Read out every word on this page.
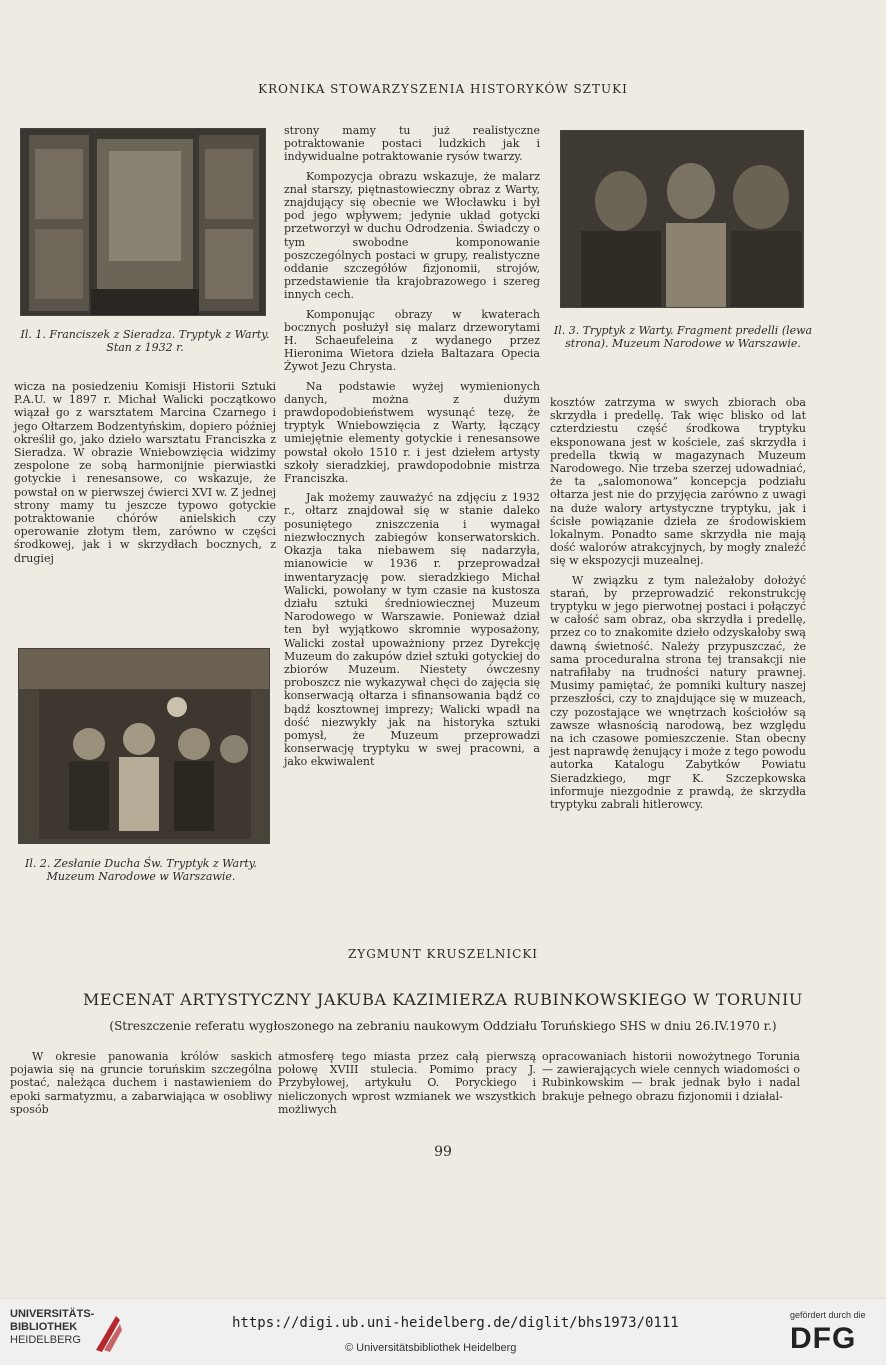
KRONIKA STOWARZYSZENIA HISTORYKÓW SZTUKI
Il. 1. Franciszek z Sieradza. Tryptyk z Warty. Stan z 1932 r.
Il. 2. Zesłanie Ducha Św. Tryptyk z Warty. Muzeum Narodowe w Warszawie.
Il. 3. Tryptyk z Warty. Fragment predelli (lewa strona). Muzeum Narodowe w Warszawie.

wicza na posiedzeniu Komisji Historii Sztuki P.A.U. w 1897 r. Michał Walicki początkowo wiązał go z warsztatem Marcina Czarnego i jego Ołtarzem Bodzentyńskim, dopiero później określił go, jako dzieło warsztatu Franciszka z Sieradza. W obrazie Wniebowzięcia widzimy zespolone ze sobą harmonijnie pierwiastki gotyckie i renesansowe, co wskazuje, że powstał on w pierwszej ćwierci XVI w. Z jednej strony mamy tu jeszcze typowo gotyckie potraktowanie chórów anielskich czy operowanie złotym tłem, zarówno w części środkowej, jak i w skrzydłach bocznych, z drugiej

strony mamy tu już realistyczne potraktowanie postaci ludzkich jak i indywidualne potraktowanie rysów twarzy.

Kompozycja obrazu wskazuje, że malarz znał starszy, piętnastowieczny obraz z Warty, znajdujący się obecnie we Włocławku i był pod jego wpływem; jedynie układ gotycki przetworzył w duchu Odrodzenia. Świadczy o tym swobodne komponowanie poszczególnych postaci w grupy, realistyczne oddanie szczegółów fizjonomii, strojów, przedstawienie tła krajobrazowego i szereg innych cech.

Komponując obrazy w kwaterach bocznych posłużył się malarz drzeworytami H. Schaeufeleina z wydanego przez Hieronima Wietora dzieła Baltazara Opecia Żywot Jezu Chrysta.

Na podstawie wyżej wymienionych danych, można z dużym prawdopodobieństwem wysunąć tezę, że tryptyk Wniebowzięcia z Warty, łączący umiejętnie elementy gotyckie i renesansowe powstał około 1510 r. i jest dziełem artysty szkoły sieradzkiej, prawdopodobnie mistrza Franciszka.

Jak możemy zauważyć na zdjęciu z 1932 r., ołtarz znajdował się w stanie daleko posuniętego zniszczenia i wymagał niezwłocznych zabiegów konserwatorskich. Okazja taka niebawem się nadarzyła, mianowicie w 1936 r. przeprowadzał inwentaryzację pow. sieradzkiego Michał Walicki, powołany w tym czasie na kustosza działu sztuki średniowiecznej Muzeum Narodowego w Warszawie. Ponieważ dział ten był wyjątkowo skromnie wyposażony, Walicki został upoważniony przez Dyrekcję Muzeum do zakupów dzieł sztuki gotyckiej do zbiorów Muzeum. Niestety ówczesny proboszcz nie wykazywał chęci do zajęcia się konserwacją ołtarza i sfinansowania bądź co bądź kosztownej imprezy; Walicki wpadł na dość niezwykły jak na historyka sztuki pomysł, że Muzeum przeprowadzi konserwację tryptyku w swej pracowni, a jako ekwiwalent

kosztów zatrzyma w swych zbiorach oba skrzydła i predellę. Tak więc blisko od lat czterdziestu część środkowa tryptyku eksponowana jest w kościele, zaś skrzydła i predella tkwią w magazynach Muzeum Narodowego. Nie trzeba szerzej udowadniać, że ta „salomonowa” koncepcja podziału ołtarza jest nie do przyjęcia zarówno z uwagi na duże walory artystyczne tryptyku, jak i ścisłe powiązanie dzieła ze środowiskiem lokalnym. Ponadto same skrzydła nie mają dość walorów atrakcyjnych, by mogły znaleźć się w ekspozycji muzealnej.

W związku z tym należałoby dołożyć starań, by przeprowadzić rekonstrukcję tryptyku w jego pierwotnej postaci i połączyć w całość sam obraz, oba skrzydła i predellę, przez co to znakomite dzieło odzyskałoby swą dawną świetność. Należy przypuszczać, że sama proceduralna strona tej transakcji nie natrafiłaby na trudności natury prawnej. Musimy pamiętać, że pomniki kultury naszej przeszłości, czy to znajdujące się w muzeach, czy pozostające we wnętrzach kościołów są zawsze własnością narodową, bez względu na ich czasowe pomieszczenie. Stan obecny jest naprawdę żenujący i może z tego powodu autorka Katalogu Zabytków Powiatu Sieradzkiego, mgr K. Szczepkowska informuje niezgodnie z prawdą, że skrzydła tryptyku zabrali hitlerowcy.

ZYGMUNT KRUSZELNICKI
MECENAT ARTYSTYCZNY JAKUBA KAZIMIERZA RUBINKOWSKIEGO W TORUNIU
(Streszczenie referatu wygłoszonego na zebraniu naukowym Oddziału Toruńskiego SHS w dniu 26.IV.1970 r.)

W okresie panowania królów saskich pojawia się na gruncie toruńskim szczególna postać, należąca duchem i nastawieniem do epoki sarmatyzmu, a zabarwiająca w osobliwy sposób

atmosferę tego miasta przez całą pierwszą połowę XVIII stulecia. Pomimo pracy J. Przybyłowej, artykułu O. Poryckiego i nieliczonych wprost wzmianek we wszystkich możliwych

opracowaniach historii nowożytnego Torunia — zawierających wiele cennych wiadomości o Rubinkowskim — brak jednak było i nadal brakuje pełnego obrazu fizjonomii i działal-

99
UNIVERSITÄTS-
BIBLIOTHEK
HEIDELBERG
https://digi.ub.uni-heidelberg.de/diglit/bhs1973/0111
© Universitätsbibliothek Heidelberg
gefördert durch die
DFG
